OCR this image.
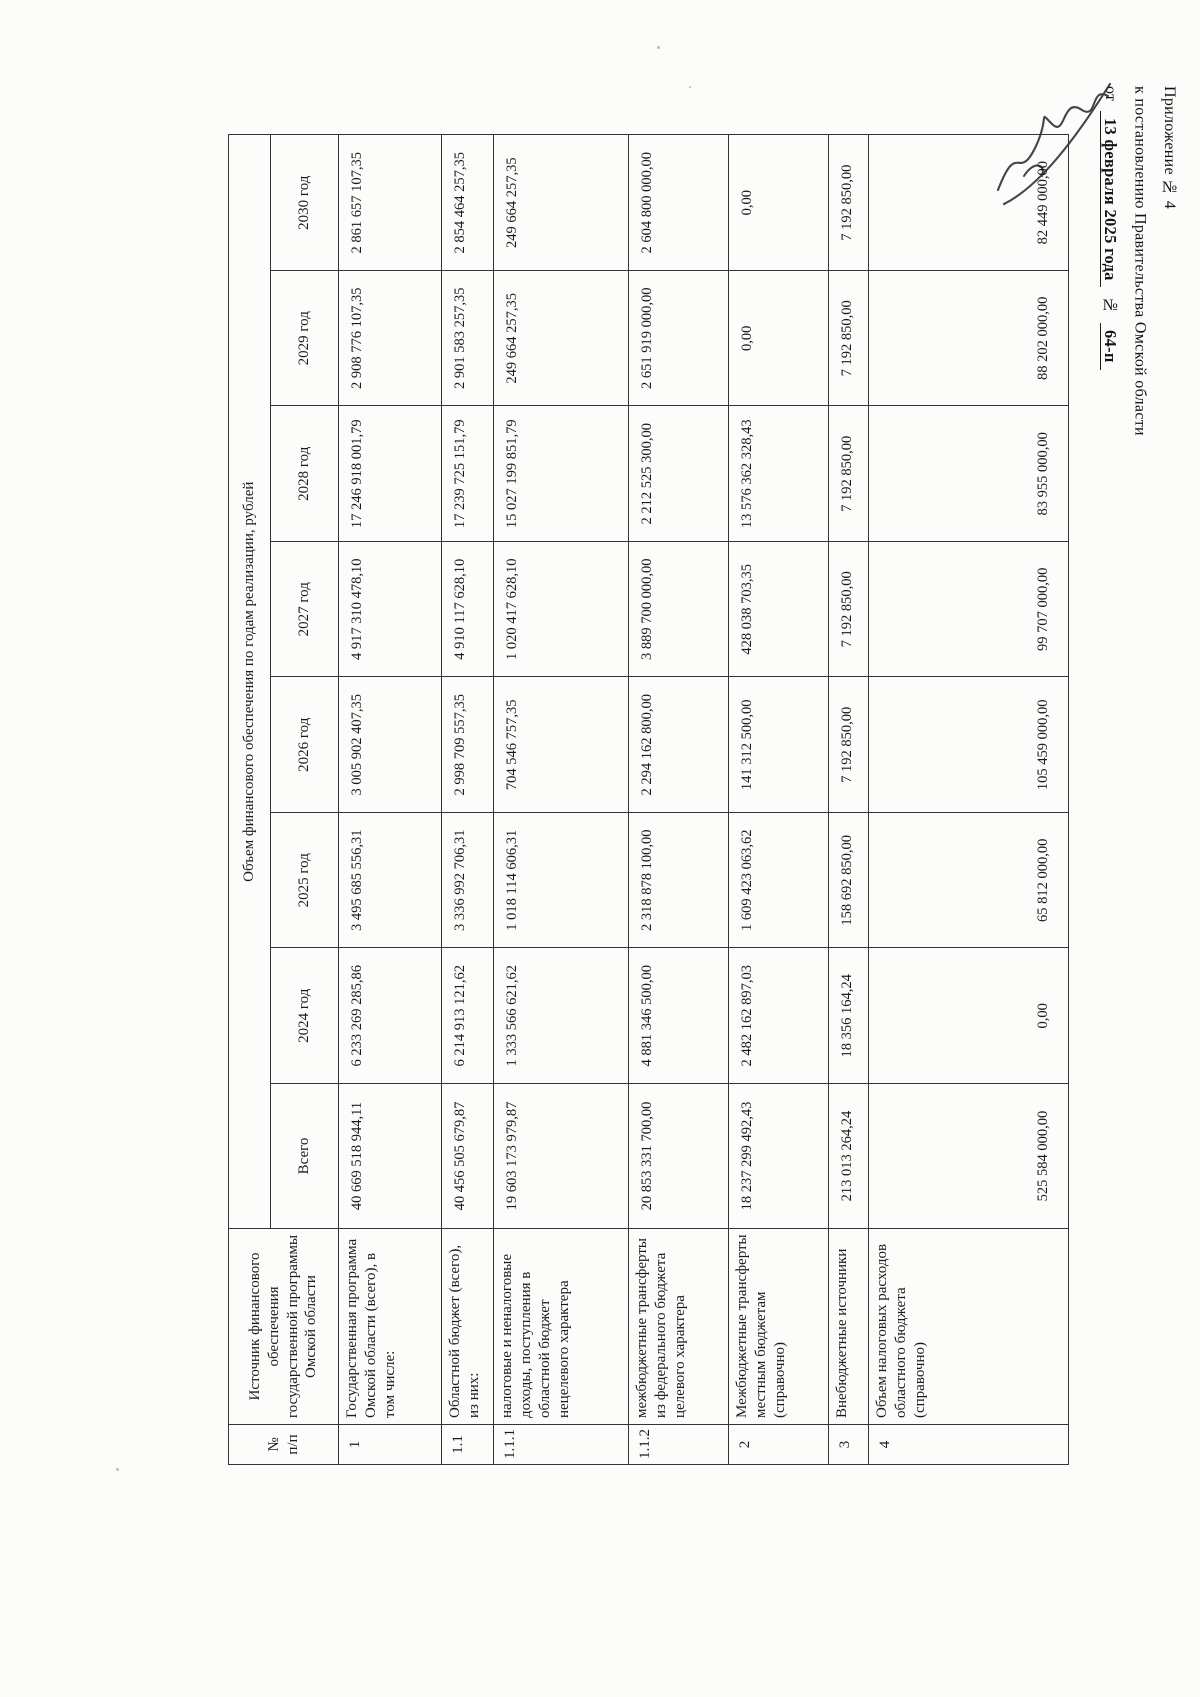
Приложение № 4
к постановлению Правительства Омской области
от 13 февраля 2025 года № 64-п
№ п/п	Источник финансового обеспечения государственной программы Омской области	Объем финансового обеспечения по годам реализации, рублей							
		Всего	2024 год	2025 год	2026 год	2027 год	2028 год	2029 год	2030 год
1	Государственная программа Омской области (всего), в том числе:	40 669 518 944,11	6 233 269 285,86	3 495 685 556,31	3 005 902 407,35	4 917 310 478,10	17 246 918 001,79	2 908 776 107,35	2 861 657 107,35
1.1	Областной бюджет (всего), из них:	40 456 505 679,87	6 214 913 121,62	3 336 992 706,31	2 998 709 557,35	4 910 117 628,10	17 239 725 151,79	2 901 583 257,35	2 854 464 257,35
1.1.1	налоговые и неналоговые доходы, поступления в областной бюджет нецелевого характера	19 603 173 979,87	1 333 566 621,62	1 018 114 606,31	704 546 757,35	1 020 417 628,10	15 027 199 851,79	249 664 257,35	249 664 257,35
1.1.2	межбюджетные трансферты из федерального бюджета целевого характера	20 853 331 700,00	4 881 346 500,00	2 318 878 100,00	2 294 162 800,00	3 889 700 000,00	2 212 525 300,00	2 651 919 000,00	2 604 800 000,00
2	Межбюджетные трансферты местным бюджетам (справочно)	18 237 299 492,43	2 482 162 897,03	1 609 423 063,62	141 312 500,00	428 038 703,35	13 576 362 328,43	0,00	0,00
3	Внебюджетные источники	213 013 264,24	18 356 164,24	158 692 850,00	7 192 850,00	7 192 850,00	7 192 850,00	7 192 850,00	7 192 850,00
4	Объем налоговых расходов областного бюджета (справочно)	525 584 000,00	0,00	65 812 000,00	105 459 000,00	99 707 000,00	83 955 000,00	88 202 000,00	82 449 000,00
